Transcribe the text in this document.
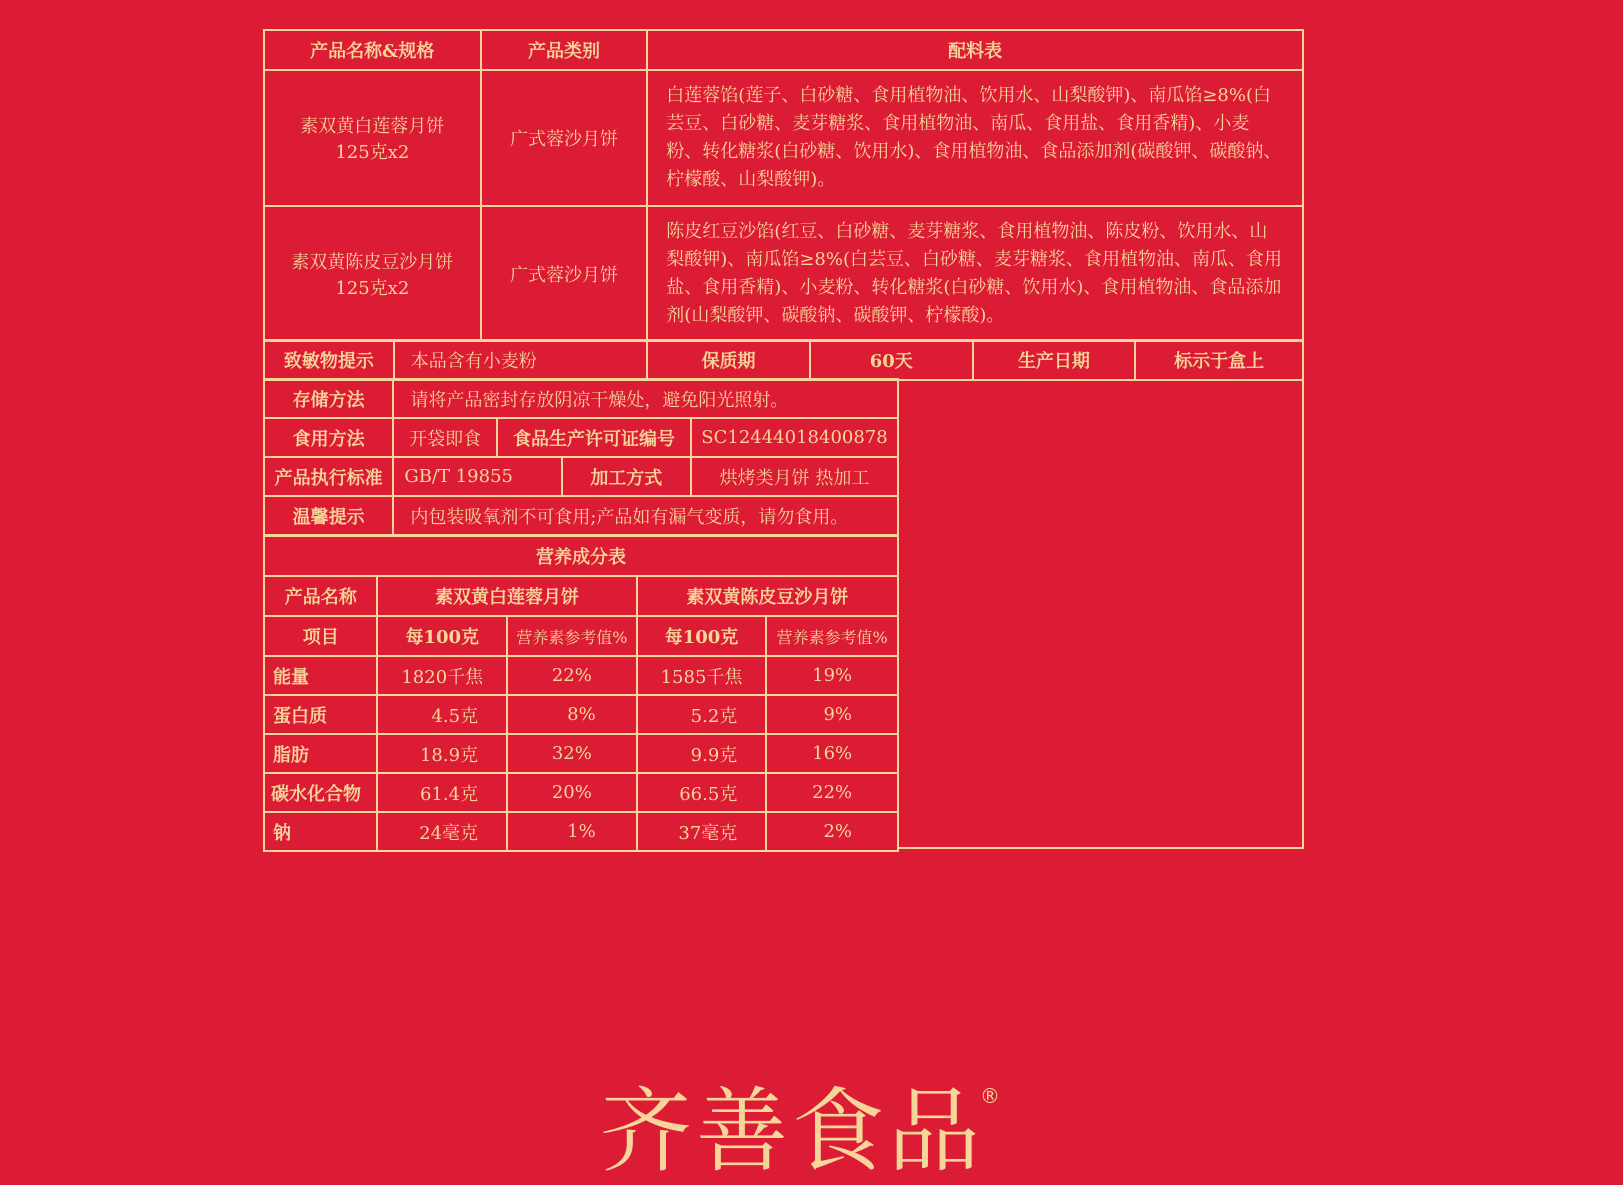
产品名称&规格	产品类别	配料表

素双黄白莲蓉月饼
125克x2	广式蓉沙月饼	白莲蓉馅(莲子、白砂糖、食用植物油、饮用水、山梨酸钾)、南瓜馅≥8%(白芸豆、白砂糖、麦芽糖浆、食用植物油、南瓜、食用盐、食用香精)、小麦粉、转化糖浆(白砂糖、饮用水)、食用植物油、食品添加剂(碳酸钾、碳酸钠、柠檬酸、山梨酸钾)。

素双黄陈皮豆沙月饼
125克x2	广式蓉沙月饼	陈皮红豆沙馅(红豆、白砂糖、麦芽糖浆、食用植物油、陈皮粉、饮用水、山梨酸钾)、南瓜馅≥8%(白芸豆、白砂糖、麦芽糖浆、食用植物油、南瓜、食用盐、食用香精)、小麦粉、转化糖浆(白砂糖、饮用水)、食用植物油、食品添加剂(山梨酸钾、碳酸钠、碳酸钾、柠檬酸)。
致敏物提示	本品含有小麦粉	保质期	60天	生产日期	标示于盒上
存储方法	请将产品密封存放阴凉干燥处，避免阳光照射。			
食用方法	开袋即食	食品生产许可证编号		SC12444018400878
产品执行标准	GB/T 19855		加工方式	烘烤类月饼 热加工
温馨提示	内包装吸氧剂不可食用;产品如有漏气变质，请勿食用。			
营养成分表				
产品名称	素双黄白莲蓉月饼		素双黄陈皮豆沙月饼	
项目	每100克	营养素参考值%	每100克	营养素参考值%
能量	1820千焦	22%	1585千焦	19%
蛋白质	4.5克	8%	5.2克	9%
脂肪	18.9克	32%	9.9克	16%
碳水化合物	61.4克	20%	66.5克	22%
钠	24毫克	1%	37毫克	2%
齐善食品
®
